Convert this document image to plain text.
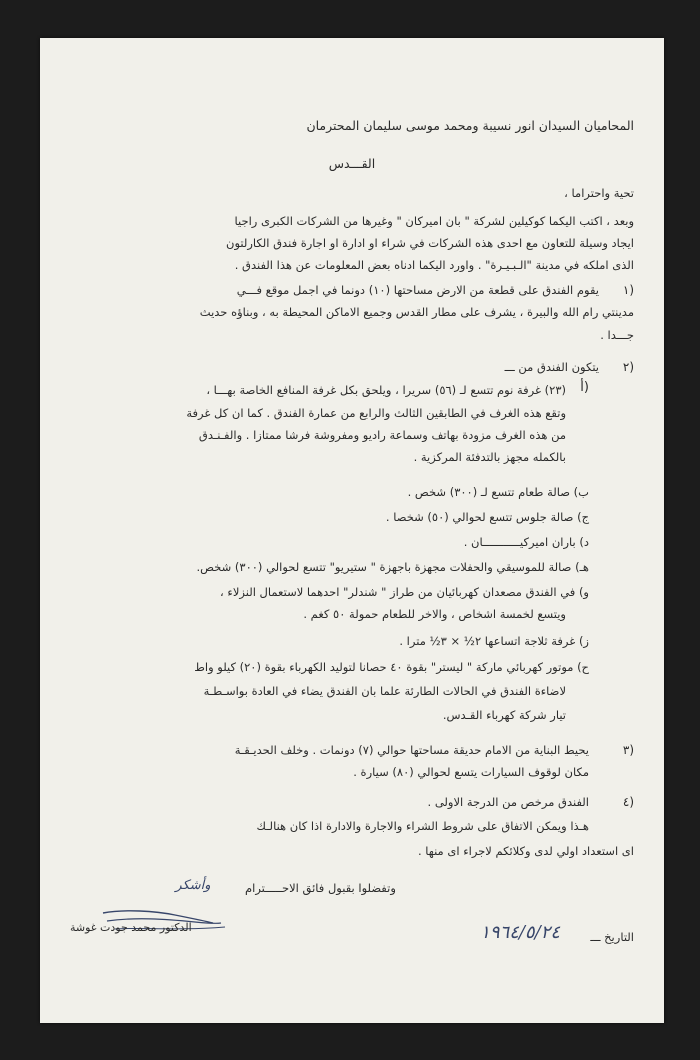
المحاميان السيدان انور نسيبة ومحمد موسى سليمان المحترمان
القـــدس
تحية واحتراما ،
وبعد ، اكتب اليكما كوكيلين لشركة " بان اميركان " وغيرها من الشركات الكبرى راجيا
ايجاد وسيلة للتعاون مع احدى هذه الشركات في شراء او ادارة او اجارة فندق الكارلتون
الذى املكه في مدينة "الـبـيـرة" . واورد اليكما ادناه بعض المعلومات عن هذا الفندق .
١)
يقوم الفندق على قطعة من الارض مساحتها (١٠) دونما في اجمل موقع فـــي
مدينتي رام الله والبيرة ، يشرف على مطار القدس وجميع الاماكن المحيطة به ، وبناؤه حديث
جـــدا .
٢)
يتكون الفندق من ـــ
أ)
(٢٣) غرفة نوم تتسع لـ (٥٦) سريرا ، ويلحق بكل غرفة المنافع الخاصة بهـــا ،
وتقع هذه الغرف في الطابقين الثالث والرابع من عمارة الفندق . كما ان كل غرفة
من هذه الغرف مزودة بهاتف وسماعة راديو ومفروشة فرشا ممتازا . والفـنـدق
بالكمله مجهز بالتدفئة المركزية .
ب) صالة طعام تتسع لـ (٣٠٠) شخص .
ج) صالة جلوس تتسع لحوالي (٥٠) شخصا .
د) باران اميركيـــــــــــان .
هـ) صالة للموسيقي والحفلات مجهزة باجهزة " ستيريو" تتسع لحوالي (٣٠٠) شخص.
و) في الفندق مصعدان كهربائيان من طراز " شندلر" احدهما لاستعمال النزلاء ،
ويتسع لخمسة اشخاص ، والاخر للطعام حمولة ٥٠ كغم .
ز) غرفة ثلاجة اتساعها ٢½ × ٣½ مترا .
ح) موتور كهربائي ماركة " ليستر" بقوة ٤٠ حصانا لتوليد الكهرباء بقوة (٢٠) كيلو واط
لاضاءة الفندق في الحالات الطارئة علما بان الفندق يضاء في العادة بواسـطـة
تيار شركة كهرباء القـدس.
٣)
يحيط البناية من الامام حديقة مساحتها حوالي (٧) دونمات . وخلف الحديـقـة
مكان لوقوف السيارات يتسع لحوالي (٨٠) سيارة .
٤)
الفندق مرخص من الدرجة الاولى .
هـذا ويمكن الاتفاق على شروط الشراء والاجارة والادارة اذا كان هنالـك
اى استعداد اولي لدى وكلائكم لاجراء اى منها .
وتفضلوا بقبول فائق الاحـــــترام
وأشكر
الدكتور محمد جودت غوشة
التاريخ ـــ
١٩٦٤/٥/٢٤
